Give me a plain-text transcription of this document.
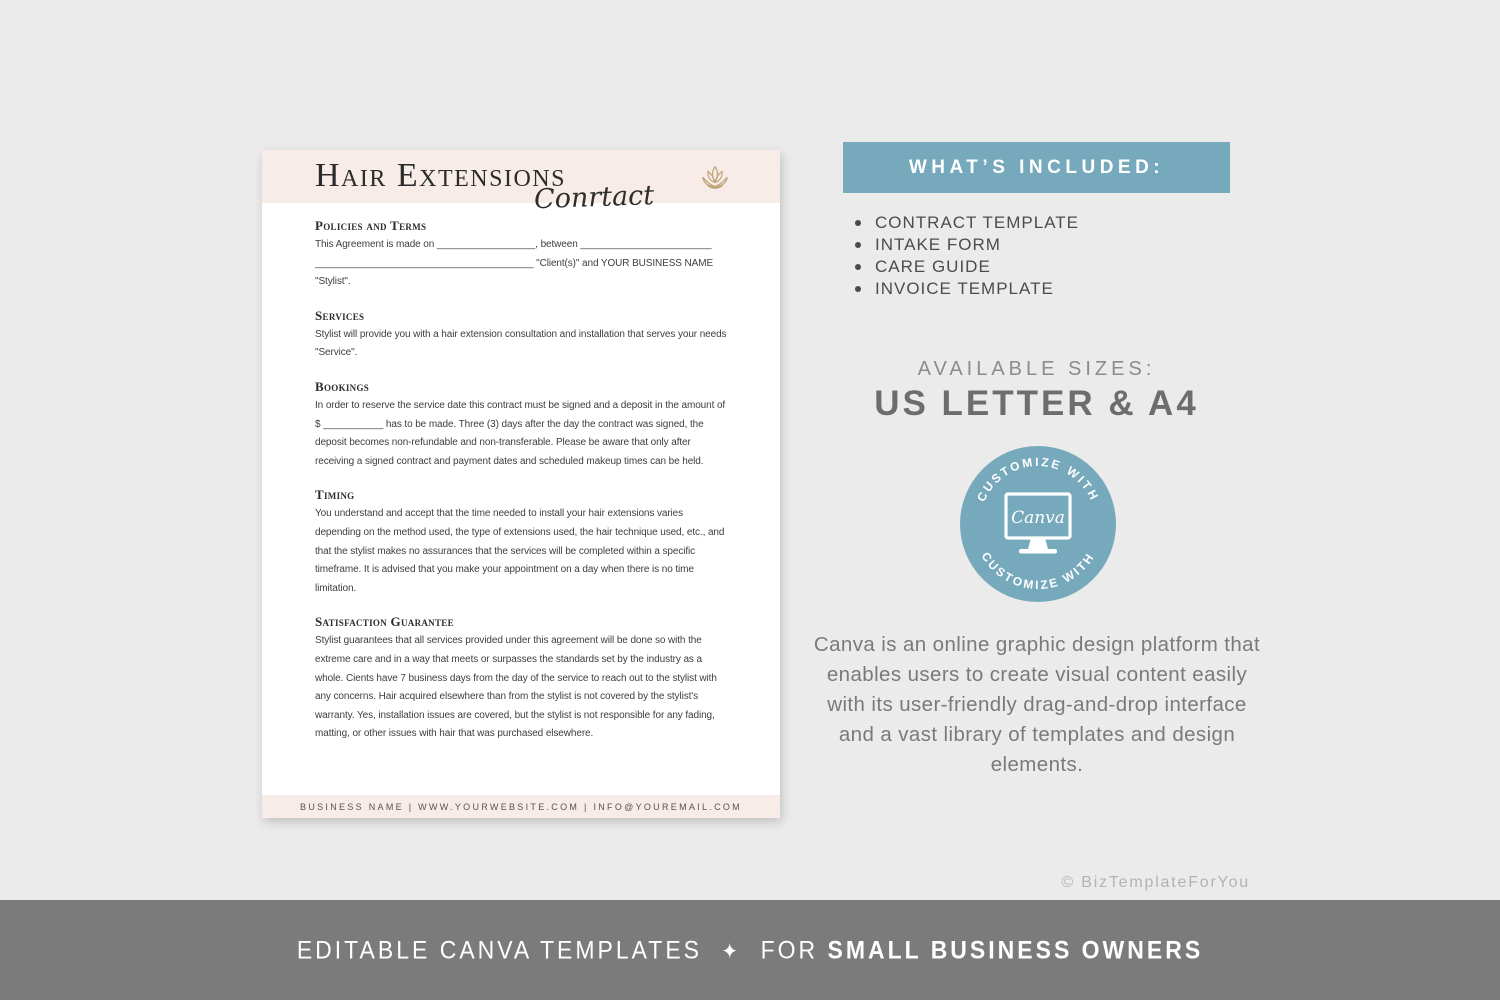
Hair Extensions
Conrtact
Policies and Terms
This Agreement is made on __________________, between ________________________ ________________________________________ "Client(s)" and YOUR BUSINESS NAME "Stylist".
Services
Stylist will provide you with a hair extension consultation and installation that serves your needs "Service".
Bookings
In order to reserve the service date this contract must be signed and a deposit in the amount of $ ___________ has to be made. Three (3) days after the day the contract was signed, the deposit becomes non-refundable and non-transferable. Please be aware that only after receiving a signed contract and payment dates and scheduled makeup times can be held.
Timing
You understand and accept that the time needed to install your hair extensions varies depending on the method used, the type of extensions used, the hair technique used, etc., and that the stylist makes no assurances that the services will be completed within a specific timeframe. It is advised that you make your appointment on a day when there is no time limitation.
Satisfaction Guarantee
Stylist guarantees that all services provided under this agreement will be done so with the extreme care and in a way that meets or surpasses the standards set by the industry as a whole. Cients have 7 business days from the day of the service to reach out to the stylist with any concerns. Hair acquired elsewhere than from the stylist is not covered by the stylist's warranty. Yes, installation issues are covered, but the stylist is not responsible for any fading, matting, or other issues with hair that was purchased elsewhere.
BUSINESS NAME | WWW.YOURWEBSITE.COM | INFO@YOUREMAIL.COM
WHAT’S INCLUDED:
CONTRACT TEMPLATE
INTAKE FORM
CARE GUIDE
INVOICE TEMPLATE
AVAILABLE SIZES:
US LETTER & A4
CUSTOMIZE WITH
CUSTOMIZE WITH
Canva
Canva is an online graphic design platform that enables users to create visual content easily with its user-friendly drag-and-drop interface and a vast library of templates and design elements.
© BizTemplateForYou
EDITABLE CANVA TEMPLATES ✦ FOR SMALL BUSINESS OWNERS
